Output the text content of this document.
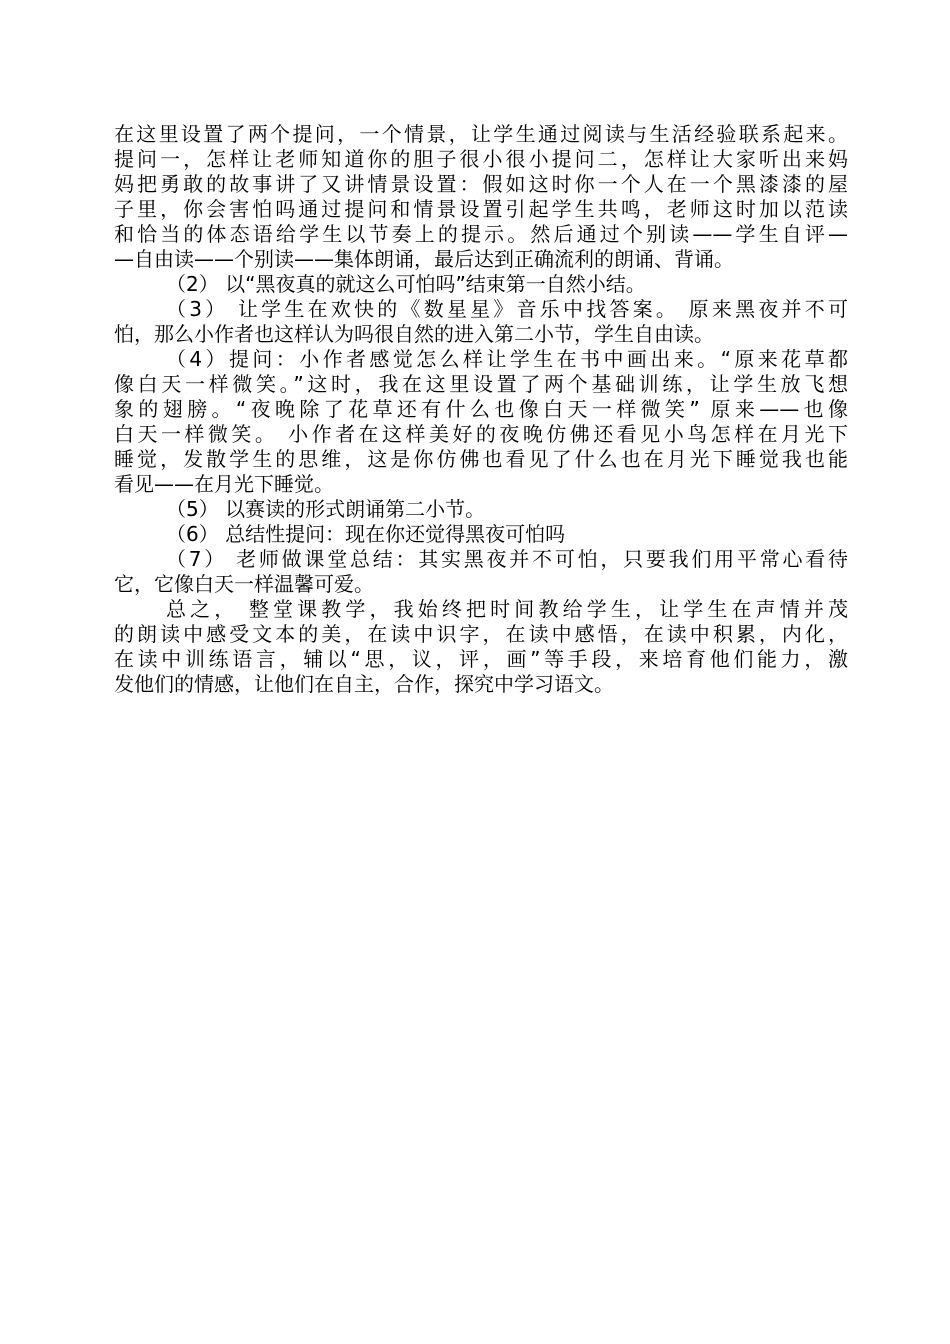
在这里设置了两个提问，一个情景，让学生通过阅读与生活经验联系起来。
提问一，怎样让老师知道你的胆子很小很小提问二，怎样让大家听出来妈
妈把勇敢的故事讲了又讲情景设置：假如这时你一个人在一个黑漆漆的屋
子里，你会害怕吗通过提问和情景设置引起学生共鸣，老师这时加以范读
和恰当的体态语给学生以节奏上的提示。然后通过个别读——学生自评—
—自由读——个别读——集体朗诵，最后达到正确流利的朗诵、背诵。
（2） 以“黑夜真的就这么可怕吗”结束第一自然小结。
（3） 让学生在欢快的《数星星》音乐中找答案。 原来黑夜并不可
怕，那么小作者也这样认为吗很自然的进入第二小节，学生自由读。
（4）提问：小作者感觉怎么样让学生在书中画出来。“原来花草都
像白天一样微笑。”这时，我在这里设置了两个基础训练，让学生放飞想
象的翅膀。“夜晚除了花草还有什么也像白天一样微笑” 原来——也像
白天一样微笑。 小作者在这样美好的夜晚仿佛还看见小鸟怎样在月光下
睡觉，发散学生的思维，这是你仿佛也看见了什么也在月光下睡觉我也能
看见——在月光下睡觉。
（5） 以赛读的形式朗诵第二小节。
（6） 总结性提问：现在你还觉得黑夜可怕吗
（7） 老师做课堂总结：其实黑夜并不可怕，只要我们用平常心看待
它，它像白天一样温馨可爱。
总之， 整堂课教学，我始终把时间教给学生，让学生在声情并茂
的朗读中感受文本的美，在读中识字，在读中感悟，在读中积累，内化，
在读中训练语言，辅以“思，议，评，画”等手段，来培育他们能力，激
发他们的情感，让他们在自主，合作，探究中学习语文。
